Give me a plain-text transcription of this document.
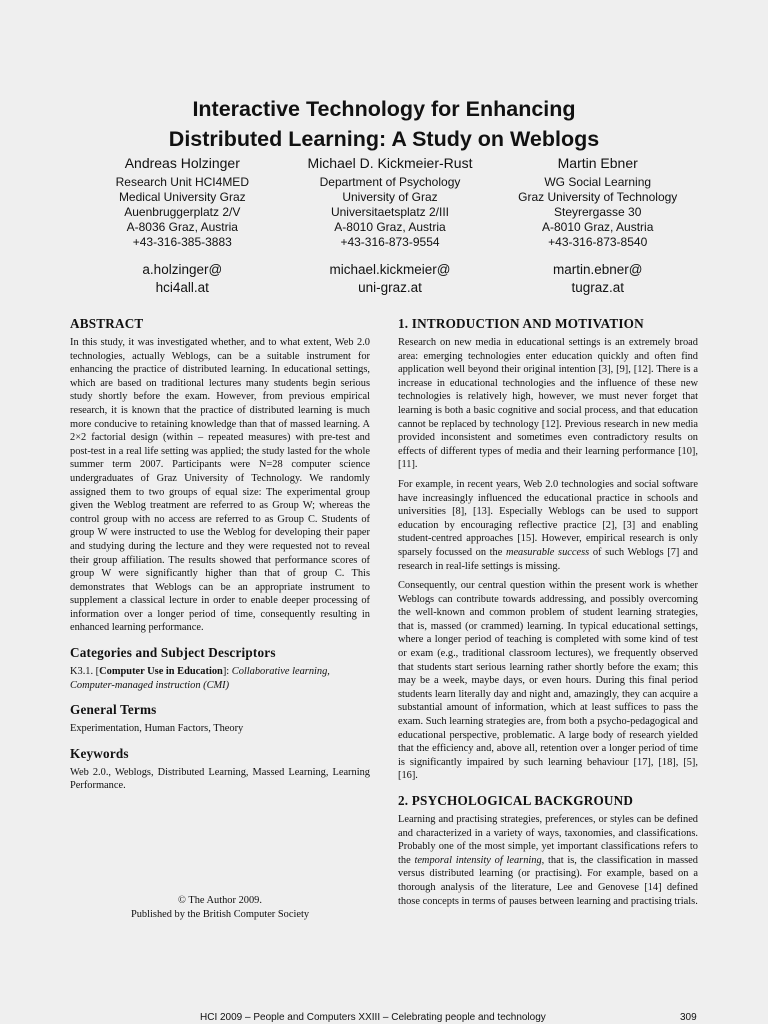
Interactive Technology for Enhancing
Distributed Learning: A Study on Weblogs
Andreas Holzinger
Research Unit HCI4MED
Medical University Graz
Auenbruggerplatz 2/V
A-8036 Graz, Austria
+43-316-385-3883
a.holzinger@
hci4all.at
Michael D. Kickmeier-Rust
Department of Psychology
University of Graz
Universitaetsplatz 2/III
A-8010 Graz, Austria
+43-316-873-9554
michael.kickmeier@
uni-graz.at
Martin Ebner
WG Social Learning
Graz University of Technology
Steyrergasse 30
A-8010 Graz, Austria
+43-316-873-8540
martin.ebner@
tugraz.at
ABSTRACT

In this study, it was investigated whether, and to what extent, Web 2.0 technologies, actually Weblogs, can be a suitable instrument for enhancing the practice of distributed learning. In educational settings, which are based on traditional lectures many students begin serious study shortly before the exam. However, from previous empirical research, it is known that the practice of distributed learning is much more conducive to retaining knowledge than that of massed learning. A 2×2 factorial design (within – repeated measures) with pre-test and post-test in a real life setting was applied; the study lasted for the whole summer term 2007. Participants were N=28 computer science undergraduates of Graz University of Technology. We randomly assigned them to two groups of equal size: The experimental group given the Weblog treatment are referred to as Group W; whereas the control group with no access are referred to as Group C. Students of group W were instructed to use the Weblog for developing their paper and studying during the lecture and they were requested not to reveal their group affiliation. The results showed that performance scores of group W were significantly higher than that of group C. This demonstrates that Weblogs can be an appropriate instrument to supplement a classical lecture in order to enable deeper processing of information over a longer period of time, consequently resulting in enhanced learning performance.

Categories and Subject Descriptors

K3.1. [Computer Use in Education]: Collaborative learning, Computer-managed instruction (CMI)

General Terms

Experimentation, Human Factors, Theory

Keywords

Web 2.0., Weblogs, Distributed Learning, Massed Learning, Learning Performance.

© The Author 2009.
Published by the British Computer Society
1. INTRODUCTION AND MOTIVATION

Research on new media in educational settings is an extremely broad area: emerging technologies enter education quickly and often find application well beyond their original intention [3], [9], [12]. There is a increase in educational technologies and the influence of these new technologies is relatively high, however, we must never forget that learning is both a basic cognitive and social process, and that education cannot be replaced by technology [12]. Previous research in new media provided inconsistent and sometimes even contradictory results on effects of different types of media and their learning performance [10], [11].

For example, in recent years, Web 2.0 technologies and social software have increasingly influenced the educational practice in schools and universities [8], [13]. Especially Weblogs can be used to support education by encouraging reflective practice [2], [3] and enabling student-centred approaches [15]. However, empirical research is only sparsely focussed on the measurable success of such Weblogs [7] and research in real-life settings is missing.

Consequently, our central question within the present work is whether Weblogs can contribute towards addressing, and possibly overcoming the well-known and common problem of student learning strategies, that is, massed (or crammed) learning. In typical educational settings, where a longer period of teaching is completed with some kind of test or exam (e.g., traditional classroom lectures), we frequently observed that students start serious learning rather shortly before the exam; this may be a week, maybe days, or even hours. During this final period students learn literally day and night and, amazingly, they can acquire a substantial amount of information, which at least suffices to pass the exam. Such learning strategies are, from both a psycho-pedagogical and educational perspective, problematic. A large body of research yielded that the efficiency and, above all, retention over a longer period of time is significantly impaired by such learning behaviour [17], [18], [5], [16].

2. PSYCHOLOGICAL BACKGROUND

Learning and practising strategies, preferences, or styles can be defined and characterized in a variety of ways, taxonomies, and classifications. Probably one of the most simple, yet important classifications refers to the temporal intensity of learning, that is, the classification in massed versus distributed learning (or practising). For example, based on a thorough analysis of the literature, Lee and Genovese [14] defined those concepts in terms of pauses between learning and practising trials.

HCI 2009 – People and Computers XXIII – Celebrating people and technology	309
